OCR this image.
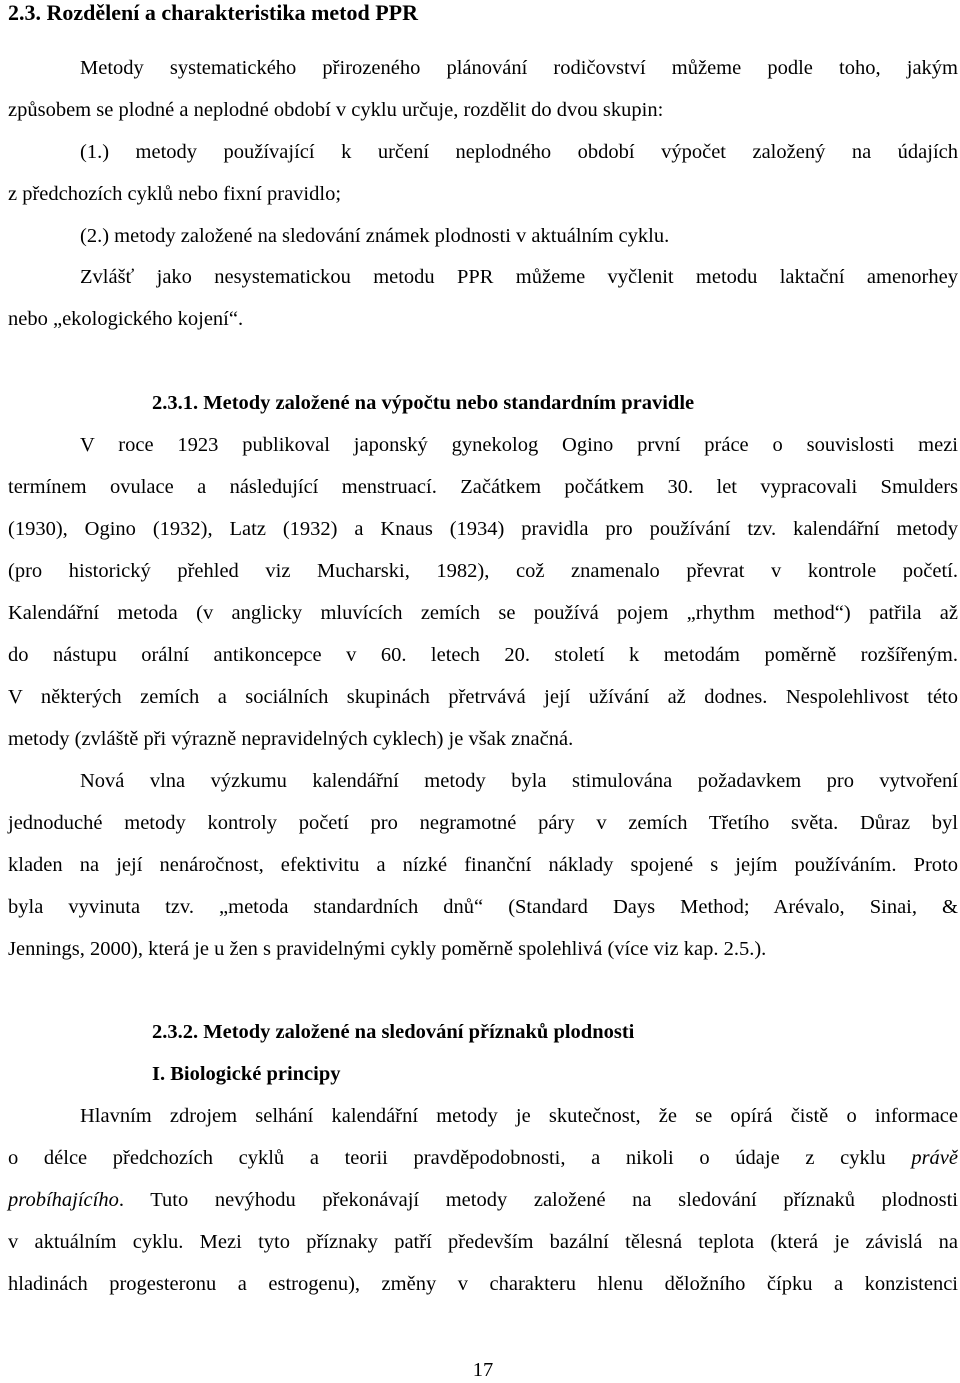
2.3. Rozdělení a charakteristika metod PPR
Metody systematického přirozeného plánování rodičovství můžeme podle toho, jakým
způsobem se plodné a neplodné období v cyklu určuje, rozdělit do dvou skupin:
(1.) metody používající k určení neplodného období výpočet založený na údajích
z předchozích cyklů nebo fixní pravidlo;
(2.) metody založené na sledování známek plodnosti v aktuálním cyklu.
Zvlášť jako nesystematickou metodu PPR můžeme vyčlenit metodu laktační amenorhey
nebo „ekologického kojení“.
2.3.1. Metody založené na výpočtu nebo standardním pravidle
V roce 1923 publikoval japonský gynekolog Ogino první práce o souvislosti mezi
termínem ovulace a následující menstruací. Začátkem počátkem 30. let vypracovali Smulders
(1930), Ogino (1932), Latz (1932) a Knaus (1934) pravidla pro používání tzv. kalendářní metody
(pro historický přehled viz Mucharski, 1982), což znamenalo převrat v kontrole početí.
Kalendářní metoda (v anglicky mluvících zemích se používá pojem „rhythm method“) patřila až
do nástupu orální antikoncepce v 60. letech 20. století k metodám poměrně rozšířeným.
V některých zemích a sociálních skupinách přetrvává její užívání až dodnes. Nespolehlivost této
metody (zvláště při výrazně nepravidelných cyklech) je však značná.
Nová vlna výzkumu kalendářní metody byla stimulována požadavkem pro vytvoření
jednoduché metody kontroly početí pro negramotné páry v zemích Třetího světa. Důraz byl
kladen na její nenáročnost, efektivitu a nízké finanční náklady spojené s jejím používáním. Proto
byla vyvinuta tzv. „metoda standardních dnů“ (Standard Days Method; Arévalo, Sinai, &
Jennings, 2000), která je u žen s pravidelnými cykly poměrně spolehlivá (více viz kap. 2.5.).
2.3.2. Metody založené na sledování příznaků plodnosti
I. Biologické principy
Hlavním zdrojem selhání kalendářní metody je skutečnost, že se opírá čistě o informace
o délce předchozích cyklů a teorii pravděpodobnosti, a nikoli o údaje z cyklu právě
probíhajícího. Tuto nevýhodu překonávají metody založené na sledování příznaků plodnosti
v aktuálním cyklu. Mezi tyto příznaky patří především bazální tělesná teplota (která je závislá na
hladinách progesteronu a estrogenu), změny v charakteru hlenu děložního čípku a konzistenci
17
